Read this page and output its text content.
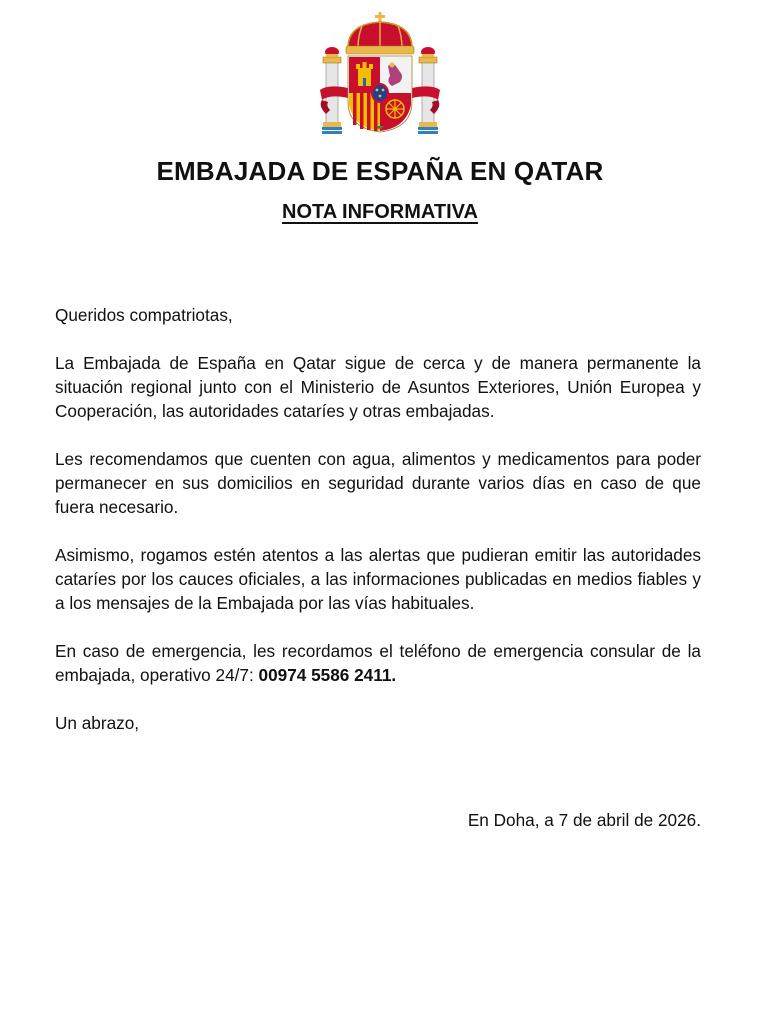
EMBAJADA DE ESPAÑA EN QATAR
NOTA INFORMATIVA

Queridos compatriotas,

La Embajada de España en Qatar sigue de cerca y de manera permanente la situación regional junto con el Ministerio de Asuntos Exteriores, Unión Europea y Cooperación, las autoridades cataríes y otras embajadas.

Les recomendamos que cuenten con agua, alimentos y medicamentos para poder permanecer en sus domicilios en seguridad durante varios días en caso de que fuera necesario.

Asimismo, rogamos estén atentos a las alertas que pudieran emitir las autoridades cataríes por los cauces oficiales, a las informaciones publicadas en medios fiables y a los mensajes de la Embajada por las vías habituales.

En caso de emergencia, les recordamos el teléfono de emergencia consular de la embajada, operativo 24/7: 00974 5586 2411.

Un abrazo,

En Doha, a 7 de abril de 2026.
